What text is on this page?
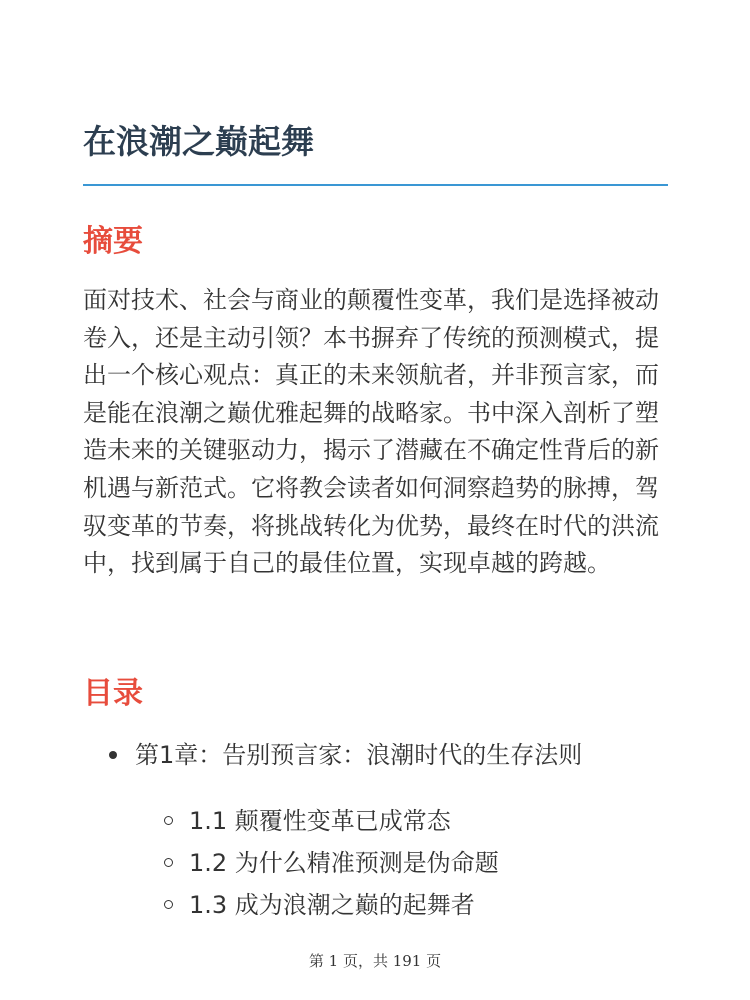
在浪潮之巅起舞
摘要

面对技术、社会与商业的颠覆性变革，我们是选择被动卷入，还是主动引领？本书摒弃了传统的预测模式，提出一个核心观点：真正的未来领航者，并非预言家，而是能在浪潮之巅优雅起舞的战略家。书中深入剖析了塑造未来的关键驱动力，揭示了潜藏在不确定性背后的新机遇与新范式。它将教会读者如何洞察趋势的脉搏，驾驭变革的节奏，将挑战转化为优势，最终在时代的洪流中，找到属于自己的最佳位置，实现卓越的跨越。

目录
第1章：告别预言家：浪潮时代的生存法则
1.1 颠覆性变革已成常态
1.2 为什么精准预测是伪命题
1.3 成为浪潮之巅的起舞者
第 1 页，共 191 页
